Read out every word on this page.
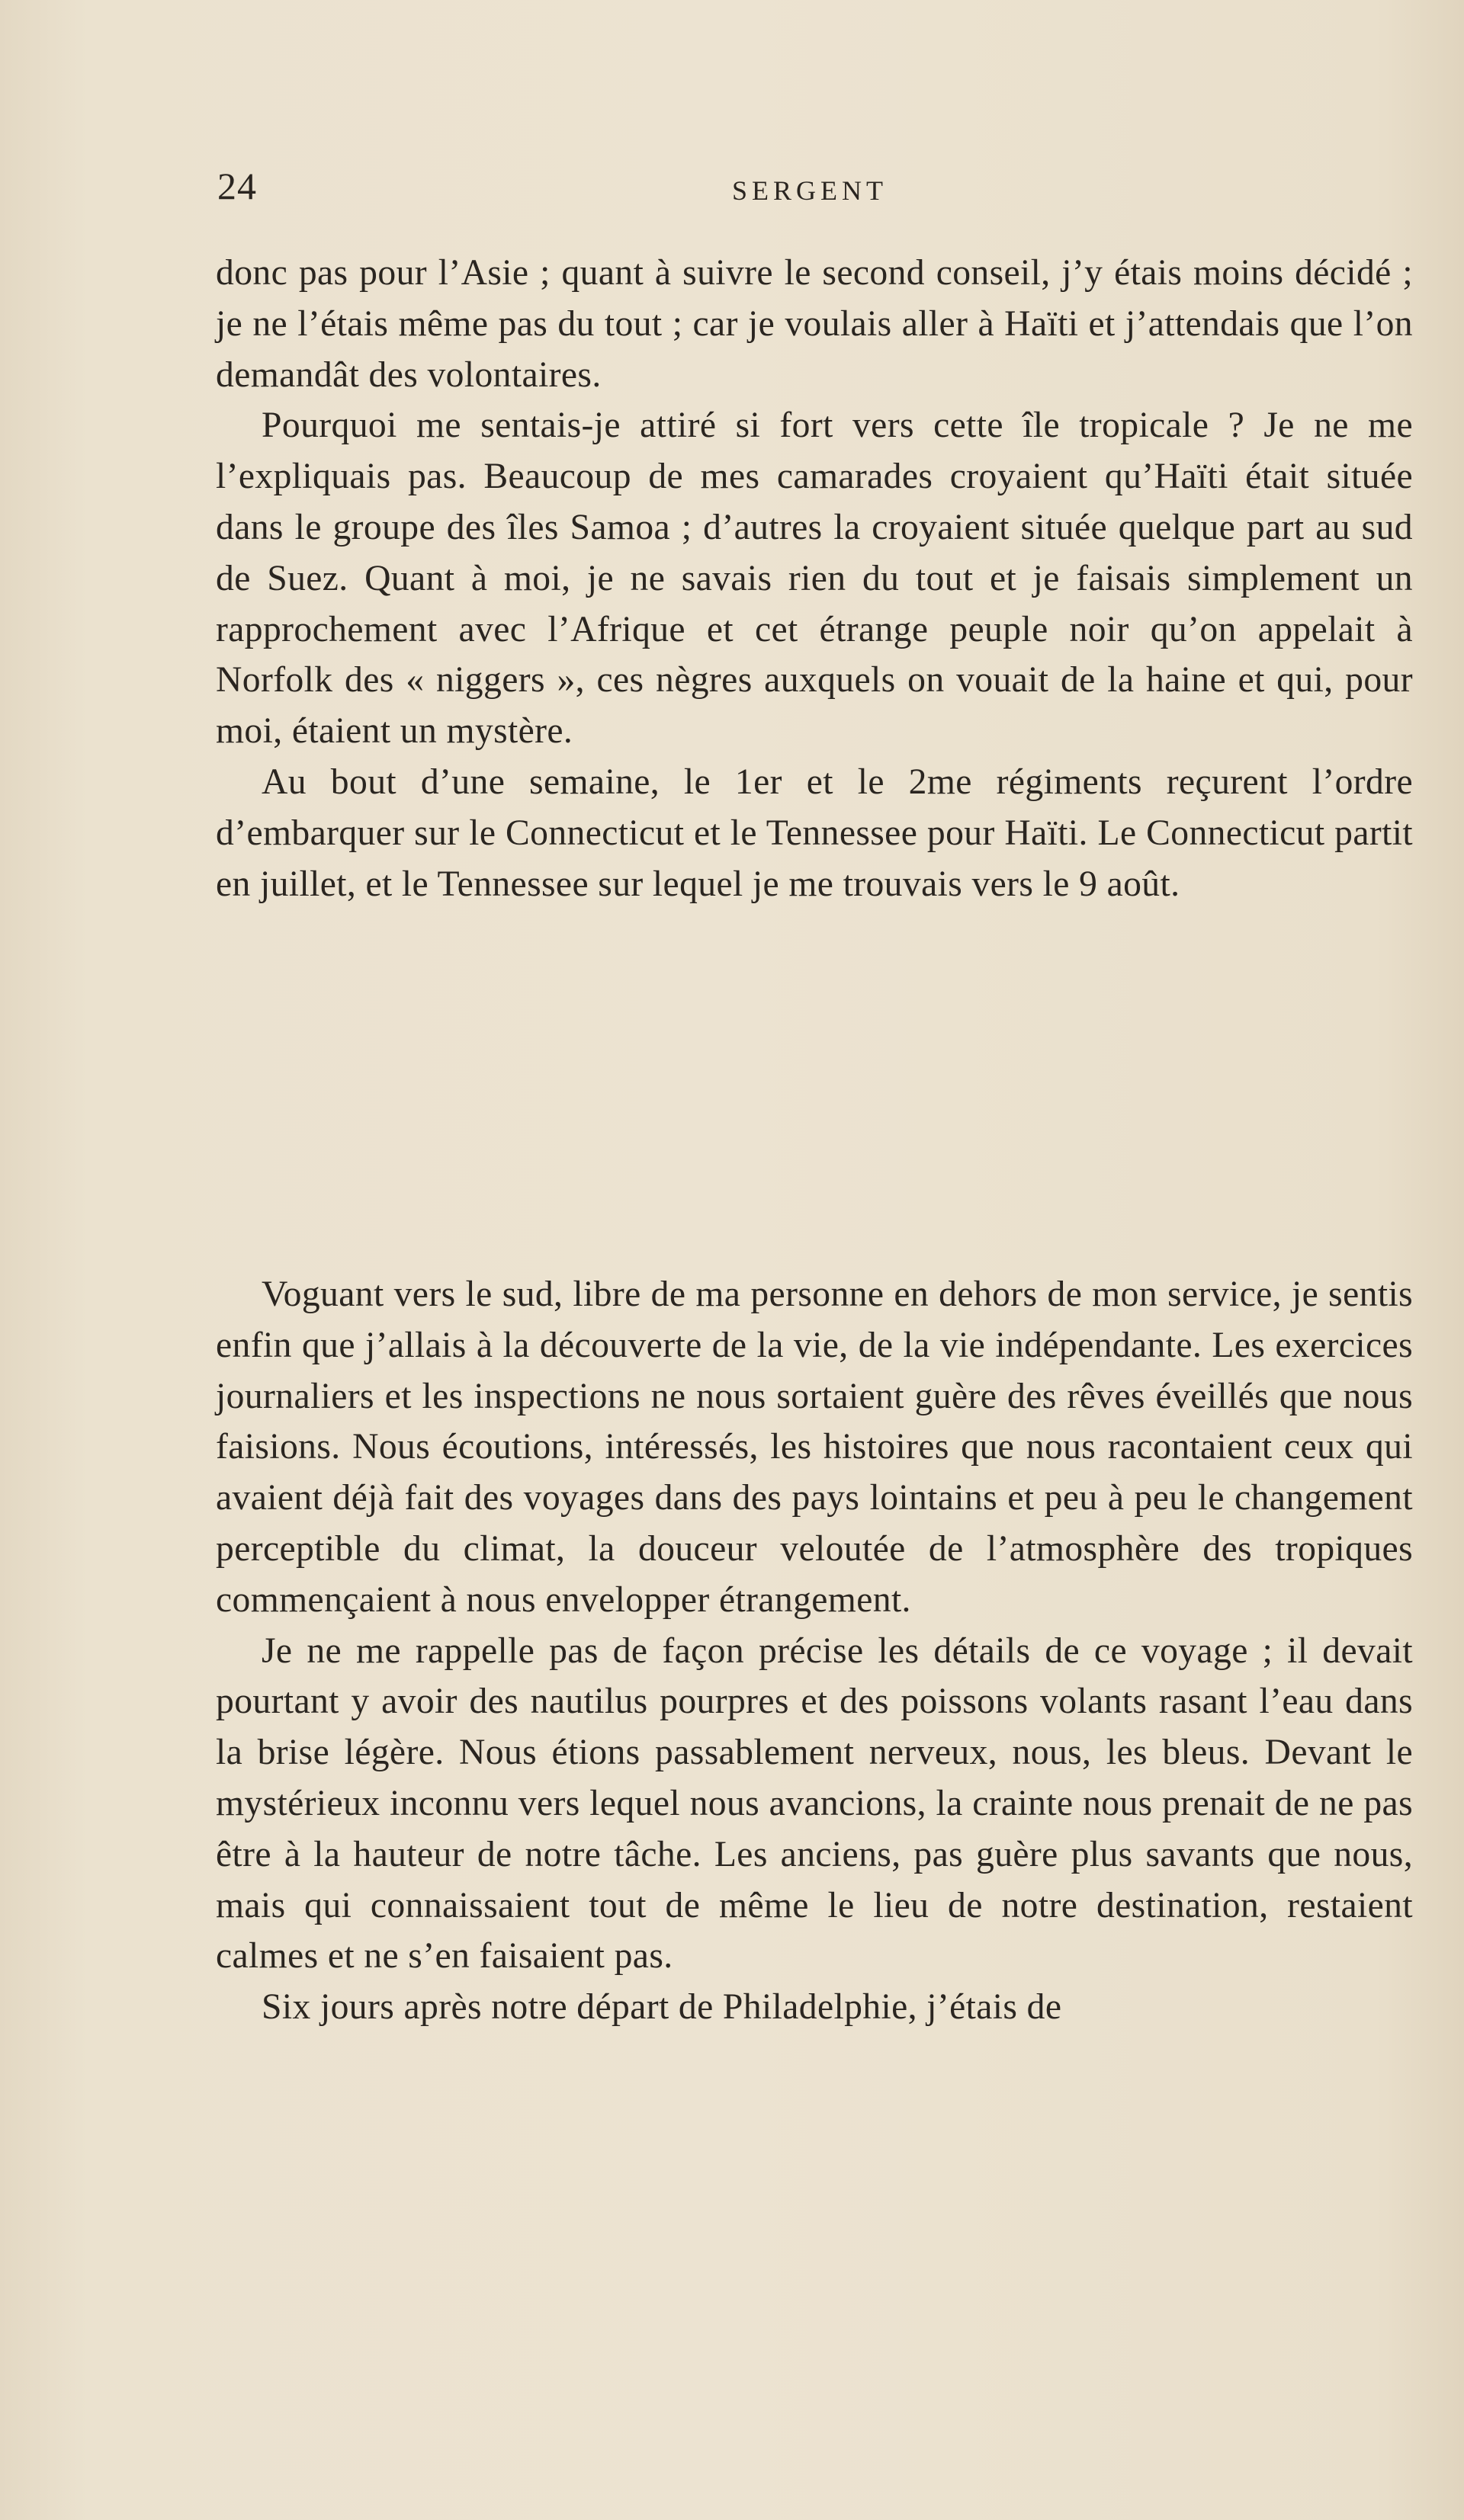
24	SERGENT

donc pas pour l’Asie ; quant à suivre le second conseil, j’y étais moins décidé ; je ne l’étais même pas du tout ; car je voulais aller à Haïti et j’attendais que l’on demandât des volontaires.

Pourquoi me sentais-je attiré si fort vers cette île tropicale ? Je ne me l’expliquais pas. Beaucoup de mes camarades croyaient qu’Haïti était située dans le groupe des îles Samoa ; d’autres la croyaient située quelque part au sud de Suez. Quant à moi, je ne savais rien du tout et je faisais simplement un rapprochement avec l’Afrique et cet étrange peuple noir qu’on appelait à Norfolk des « niggers », ces nègres auxquels on vouait de la haine et qui, pour moi, étaient un mystère.

Au bout d’une semaine, le 1er et le 2me régiments reçurent l’ordre d’embarquer sur le Connecticut et le Tennessee pour Haïti. Le Connecticut partit en juillet, et le Tennessee sur lequel je me trouvais vers le 9 août.

Voguant vers le sud, libre de ma personne en dehors de mon service, je sentis enfin que j’allais à la découverte de la vie, de la vie indépendante. Les exercices journaliers et les inspections ne nous sortaient guère des rêves éveillés que nous faisions. Nous écoutions, intéressés, les histoires que nous racontaient ceux qui avaient déjà fait des voyages dans des pays lointains et peu à peu le changement perceptible du climat, la douceur veloutée de l’atmosphère des tropiques commençaient à nous envelopper étrangement.

Je ne me rappelle pas de façon précise les détails de ce voyage ; il devait pourtant y avoir des nautilus pourpres et des poissons volants rasant l’eau dans la brise légère. Nous étions passablement nerveux, nous, les bleus. Devant le mystérieux inconnu vers lequel nous avancions, la crainte nous prenait de ne pas être à la hauteur de notre tâche. Les anciens, pas guère plus savants que nous, mais qui connaissaient tout de même le lieu de notre destination, restaient calmes et ne s’en faisaient pas.

Six jours après notre départ de Philadelphie, j’étais de
